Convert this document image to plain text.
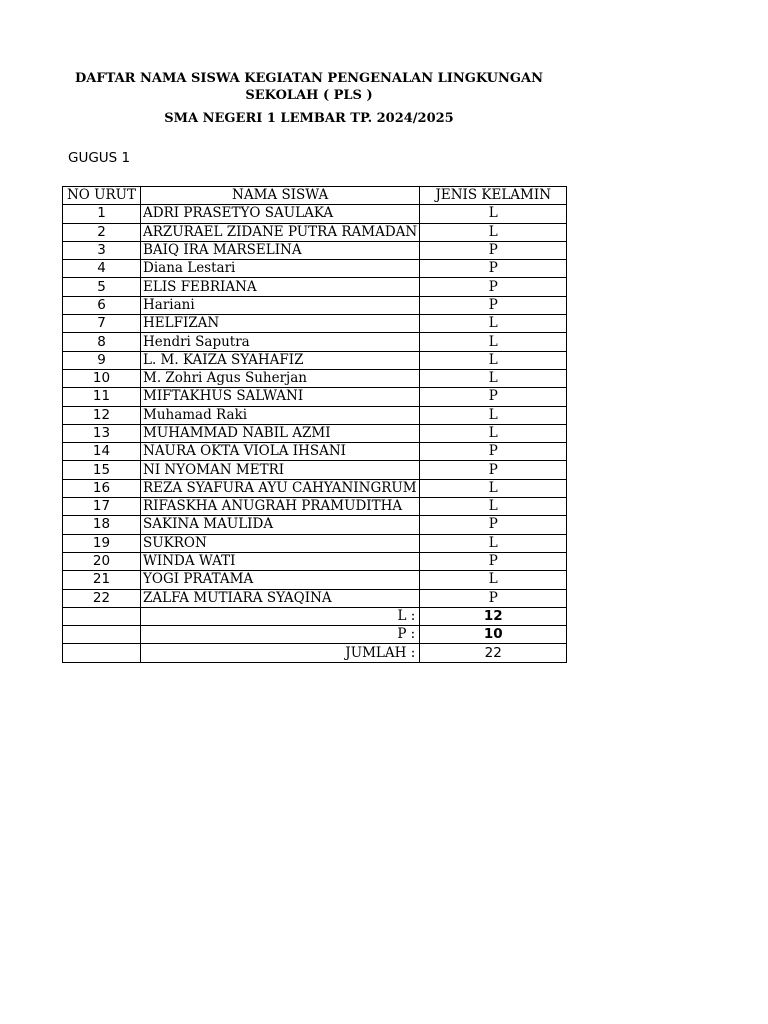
DAFTAR NAMA SISWA KEGIATAN PENGENALAN LINGKUNGAN
SEKOLAH ( PLS )
SMA NEGERI 1 LEMBAR TP. 2024/2025
GUGUS 1
NO URUT	NAMA SISWA	JENIS KELAMIN
1	ADRI PRASETYO SAULAKA	L
2	ARZURAEL ZIDANE PUTRA RAMADAN	L
3	BAIQ IRA MARSELINA	P
4	Diana Lestari	P
5	ELIS FEBRIANA	P
6	Hariani	P
7	HELFIZAN	L
8	Hendri Saputra	L
9	L. M. KAIZA SYAHAFIZ	L
10	M. Zohri Agus Suherjan	L
11	MIFTAKHUS SALWANI	P
12	Muhamad Raki	L
13	MUHAMMAD NABIL AZMI	L
14	NAURA OKTA VIOLA IHSANI	P
15	NI NYOMAN METRI	P
16	REZA SYAFURA AYU CAHYANINGRUM	L
17	RIFASKHA ANUGRAH PRAMUDITHA	L
18	SAKINA MAULIDA	P
19	SUKRON	L
20	WINDA WATI	P
21	YOGI PRATAMA	L
22	ZALFA MUTIARA SYAQINA	P
	L :	12
	P :	10
	JUMLAH :	22
